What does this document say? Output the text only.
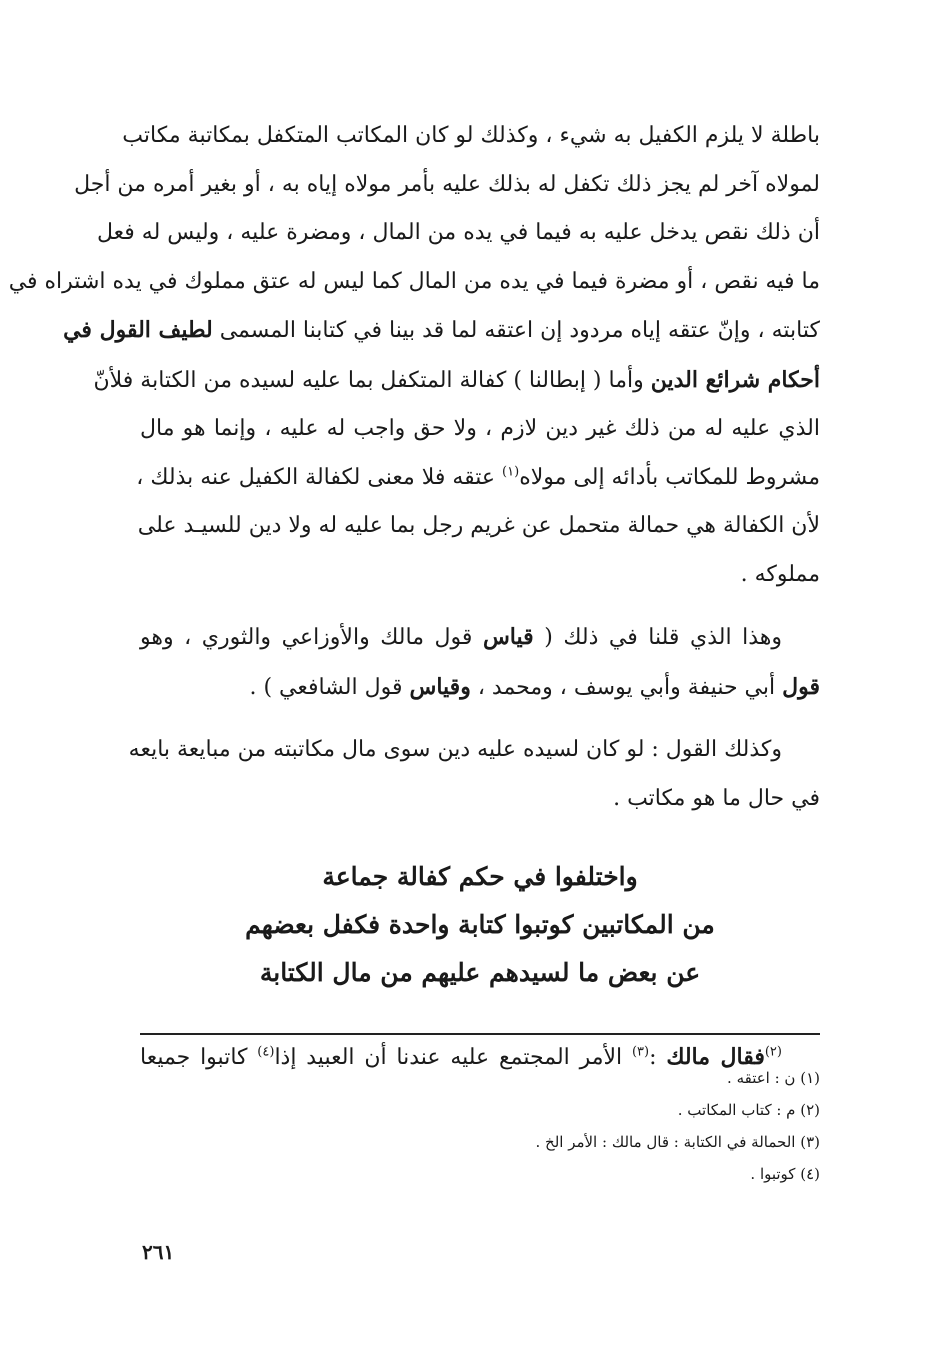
باطلة لا يلزم الكفيل به شيء ، وكذلك لو كان المكاتب المتكفل بمكاتبة مكاتب
لمولاه آخر لم يجز ذلك تكفل له بذلك عليه بأمر مولاه إياه به ، أو بغير أمره من أجل
أن ذلك نقص يدخل عليه به فيما في يده من المال ، ومضرة عليه ، وليس له فعل
ما فيه نقص ، أو مضرة فيما في يده من المال كما ليس له عتق مملوك في يده اشتراه في
كتابته ، وإنّ عتقه إياه مردود إن اعتقه لما قد بينا في كتابنا المسمى لطيف القول في
أحكام شرائع الدين وأما ( إبطالنا ) كفالة المتكفل بما عليه لسيده من الكتابة فلأنّ
الذي عليه له من ذلك غير دين لازم ، ولا حق واجب له عليه ، وإنما هو مال
مشروط للمكاتب بأدائه إلى مولاه$^{(١)}$ عتقه فلا معنى لكفالة الكفيل عنه بذلك ،
لأن الكفالة هي حمالة متحمل عن غريم رجل بما عليه له ولا دين للسيـد على
مملوكه .
وهذا الذي قلنا في ذلك ( قياس قول مالك والأوزاعي والثوري ، وهو
قول أبي حنيفة وأبي يوسف ، ومحمد ، وقياس قول الشافعي ) .
وكذلك القول : لو كان لسيده عليه دين سوى مال مكاتبته من مبايعة بايعه
في حال ما هو مكاتب .
واختلفوا في حكم كفالة جماعة
من المكاتبين كوتبوا كتابة واحدة فكفل بعضهم
عن بعض ما لسيدهم عليهم من مال الكتابة
$^{(٢)}$فقال مالك :$^{(٣)}$ الأمر المجتمع عليه عندنا أن العبيد إذا$^{(٤)}$ كاتبوا جميعا
(١) ن : اعتقه .
(٢) م : كتاب المكاتب .
(٣) الحمالة في الكتابة : قال مالك : الأمر الخ .
(٤) كوتبوا .
٢٦١
